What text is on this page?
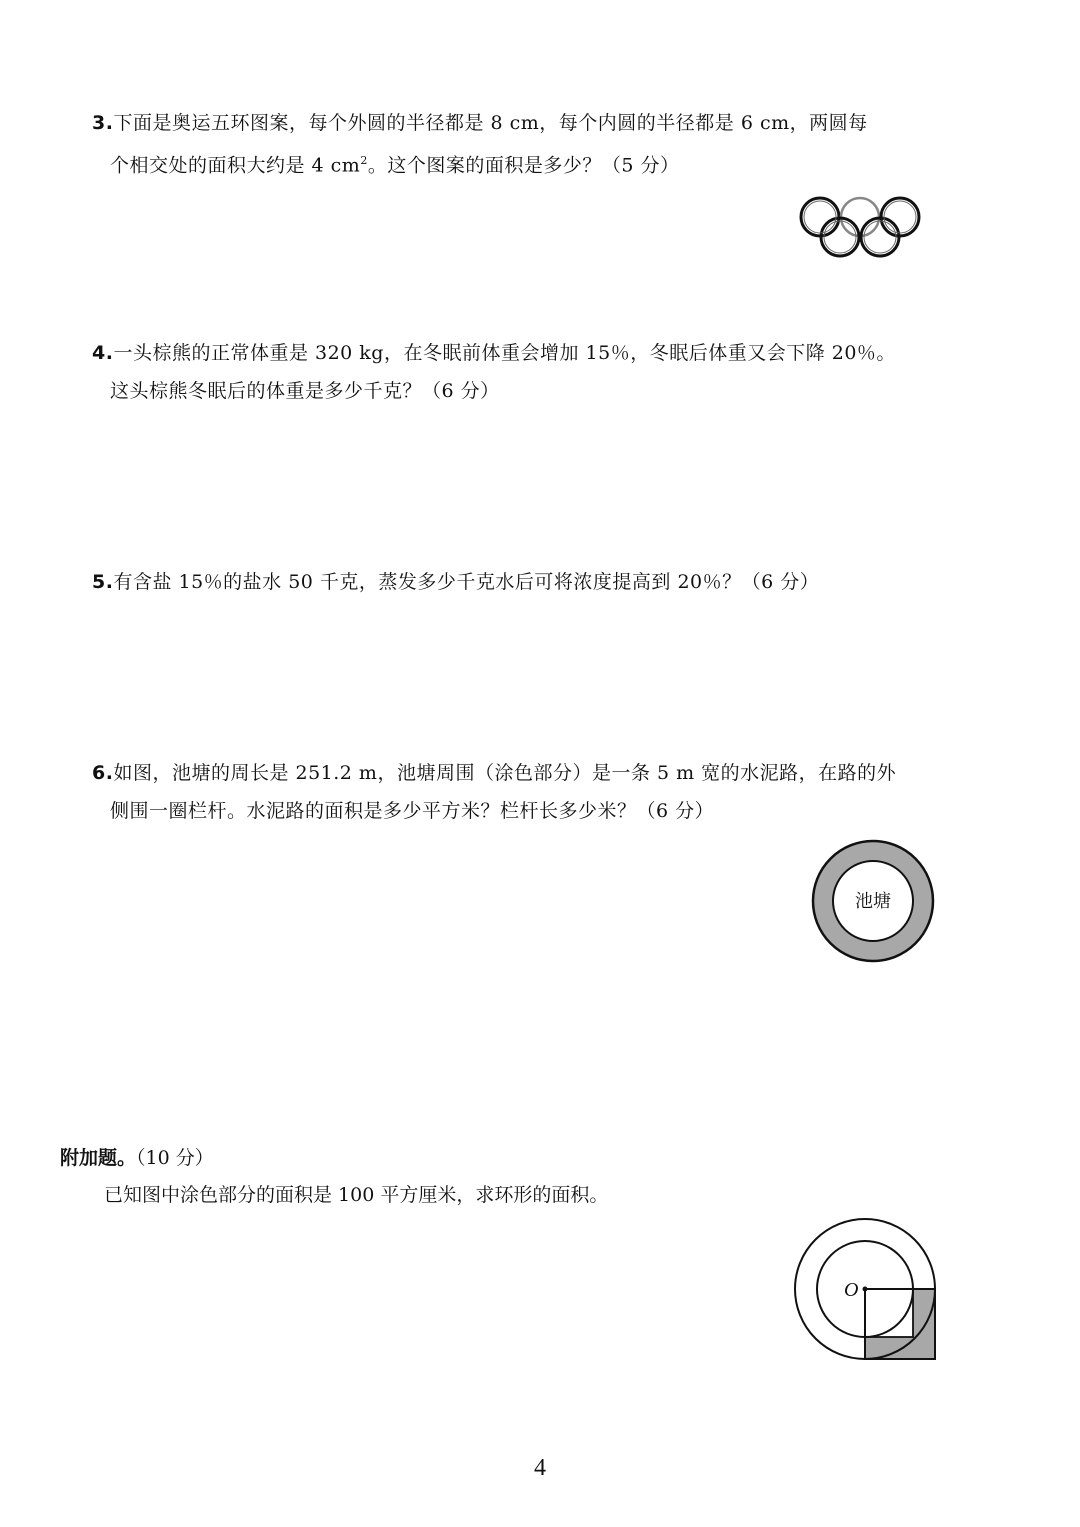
3.下面是奥运五环图案，每个外圆的半径都是 8 cm，每个内圆的半径都是 6 cm，两圆每
个相交处的面积大约是 4 $cm^2$。这个图案的面积是多少？（5 分）
4.一头棕熊的正常体重是 320 kg，在冬眠前体重会增加 15％，冬眠后体重又会下降 20％。
这头棕熊冬眠后的体重是多少千克？（6 分）
5.有含盐 15％的盐水 50 千克，蒸发多少千克水后可将浓度提高到 20％？（6 分）
6.如图，池塘的周长是 251.2 m，池塘周围（涂色部分）是一条 5 m 宽的水泥路，在路的外
侧围一圈栏杆。水泥路的面积是多少平方米？栏杆长多少米？（6 分）
池塘
附加题。（10 分）
已知图中涂色部分的面积是 100 平方厘米，求环形的面积。
O
4
